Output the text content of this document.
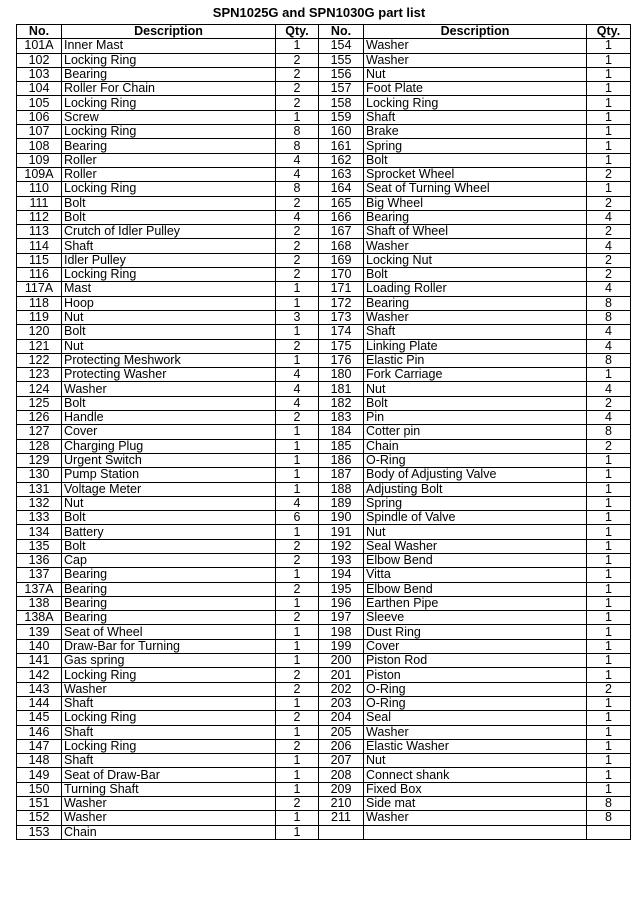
SPN1025G and SPN1030G part list
No.	Description	Qty.	No.	Description	Qty.
101A	Inner Mast	1	154	Washer	1
102	Locking Ring	2	155	Washer	1
103	Bearing	2	156	Nut	1
104	Roller For Chain	2	157	Foot Plate	1
105	Locking Ring	2	158	Locking Ring	1
106	Screw	1	159	Shaft	1
107	Locking Ring	8	160	Brake	1
108	Bearing	8	161	Spring	1
109	Roller	4	162	Bolt	1
109A	Roller	4	163	Sprocket Wheel	2
110	Locking Ring	8	164	Seat of Turning Wheel	1
111	Bolt	2	165	Big Wheel	2
112	Bolt	4	166	Bearing	4
113	Crutch of Idler Pulley	2	167	Shaft of Wheel	2
114	Shaft	2	168	Washer	4
115	Idler Pulley	2	169	Locking Nut	2
116	Locking Ring	2	170	Bolt	2
117A	Mast	1	171	Loading Roller	4
118	Hoop	1	172	Bearing	8
119	Nut	3	173	Washer	8
120	Bolt	1	174	Shaft	4
121	Nut	2	175	Linking Plate	4
122	Protecting Meshwork	1	176	Elastic Pin	8
123	Protecting Washer	4	180	Fork Carriage	1
124	Washer	4	181	Nut	4
125	Bolt	4	182	Bolt	2
126	Handle	2	183	Pin	4
127	Cover	1	184	Cotter pin	8
128	Charging Plug	1	185	Chain	2
129	Urgent Switch	1	186	O-Ring	1
130	Pump Station	1	187	Body of Adjusting Valve	1
131	Voltage Meter	1	188	Adjusting Bolt	1
132	Nut	4	189	Spring	1
133	Bolt	6	190	Spindle of Valve	1
134	Battery	1	191	Nut	1
135	Bolt	2	192	Seal Washer	1
136	Cap	2	193	Elbow Bend	1
137	Bearing	1	194	Vitta	1
137A	Bearing	2	195	Elbow Bend	1
138	Bearing	1	196	Earthen Pipe	1
138A	Bearing	2	197	Sleeve	1
139	Seat of Wheel	1	198	Dust Ring	1
140	Draw-Bar for Turning	1	199	Cover	1
141	Gas spring	1	200	Piston Rod	1
142	Locking Ring	2	201	Piston	1
143	Washer	2	202	O-Ring	2
144	Shaft	1	203	O-Ring	1
145	Locking Ring	2	204	Seal	1
146	Shaft	1	205	Washer	1
147	Locking Ring	2	206	Elastic Washer	1
148	Shaft	1	207	Nut	1
149	Seat of Draw-Bar	1	208	Connect shank	1
150	Turning Shaft	1	209	Fixed Box	1
151	Washer	2	210	Side mat	8
152	Washer	1	211	Washer	8
153	Chain	1			
